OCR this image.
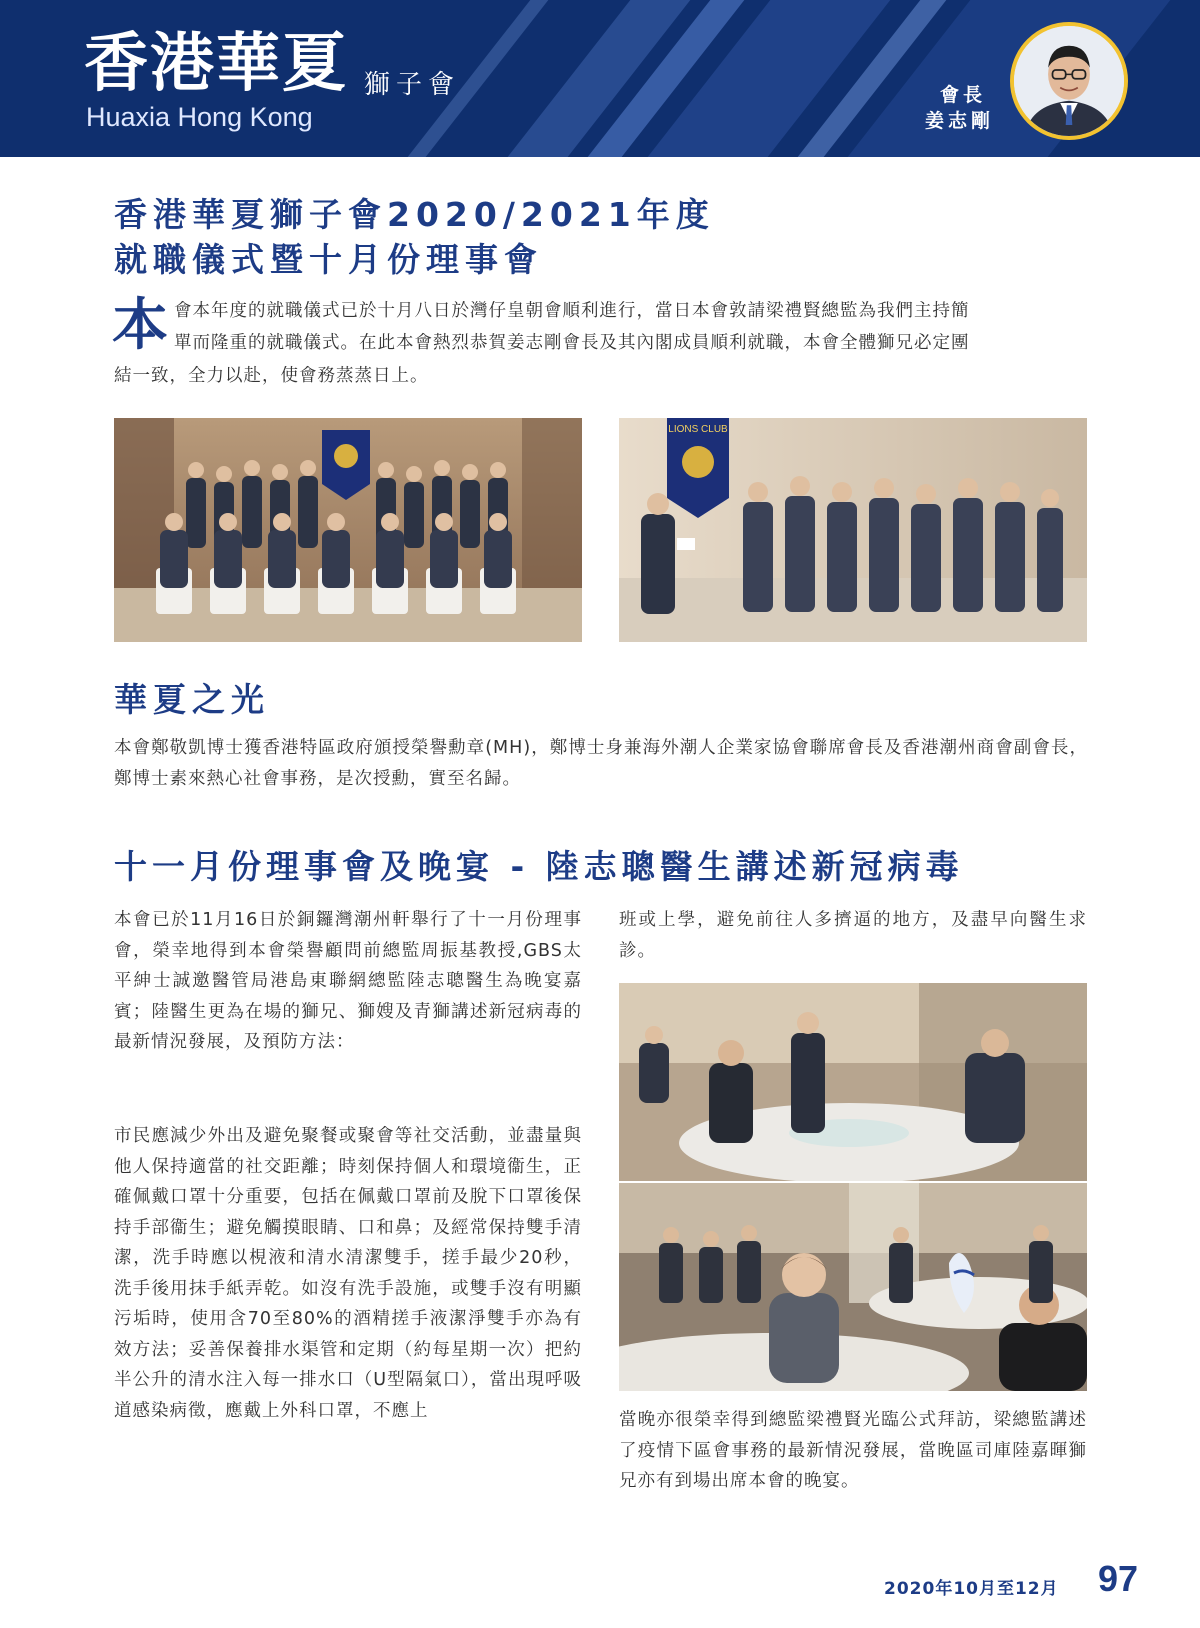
香港華夏 獅子會
Huaxia Hong Kong
會長
姜志剛
香港華夏獅子會2020/2021年度
就職儀式暨十月份理事會
本 會本年度的就職儀式已於十月八日於灣仔皇朝會順利進行，當日本會敦請梁禮賢總監為我們主持簡
單而隆重的就職儀式。在此本會熱烈恭賀姜志剛會長及其內閣成員順利就職，本會全體獅兄必定團
結一致，全力以赴，使會務蒸蒸日上。
LIONS CLUB
華夏之光
本會鄭敬凱博士獲香港特區政府頒授榮譽勳章(MH)，鄭博士身兼海外潮人企業家協會聯席會長及香港潮州商會副會長，鄭博士素來熱心社會事務，是次授勳，實至名歸。
十一月份理事會及晚宴 - 陸志聰醫生講述新冠病毒
本會已於11月16日於銅鑼灣潮州軒舉行了十一月份理事會，榮幸地得到本會榮譽顧問前總監周振基教授,GBS太平紳士誠邀醫管局港島東聯網總監陸志聰醫生為晚宴嘉賓；陸醫生更為在場的獅兄、獅嫂及青獅講述新冠病毒的最新情況發展，及預防方法：
市民應減少外出及避免聚餐或聚會等社交活動，並盡量與他人保持適當的社交距離；時刻保持個人和環境衞生，正確佩戴口罩十分重要，包括在佩戴口罩前及脫下口罩後保持手部衞生；避免觸摸眼睛、口和鼻；及經常保持雙手清潔，洗手時應以梘液和清水清潔雙手，搓手最少20秒，洗手後用抹手紙弄乾。如沒有洗手設施，或雙手沒有明顯污垢時，使用含70至80%的酒精搓手液潔淨雙手亦為有效方法；妥善保養排水渠管和定期（約每星期一次）把約半公升的清水注入每一排水口（U型隔氣口），當出現呼吸道感染病徵，應戴上外科口罩，不應上
班或上學，避免前往人多擠逼的地方，及盡早向醫生求診。
當晚亦很榮幸得到總監梁禮賢光臨公式拜訪，梁總監講述了疫情下區會事務的最新情況發展，當晚區司庫陸嘉暉獅兄亦有到場出席本會的晚宴。
2020年10月至12月 97
